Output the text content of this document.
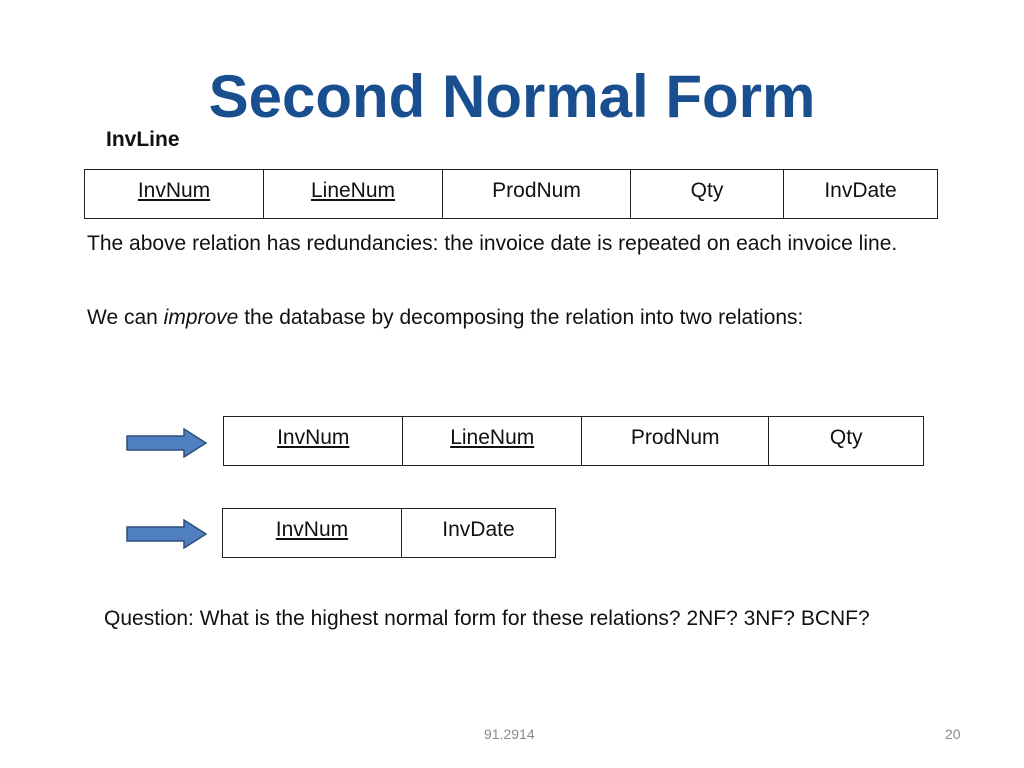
Second Normal Form
InvLine
InvNum	LineNum	ProdNum	Qty	InvDate
The above relation has redundancies: the invoice date is repeated on each invoice line.
We can improve the database by decomposing the relation into two relations:
InvNum	LineNum	ProdNum	Qty
InvNum	InvDate
Question: What is the highest normal form for these relations? 2NF? 3NF? BCNF?
91.2914	20
